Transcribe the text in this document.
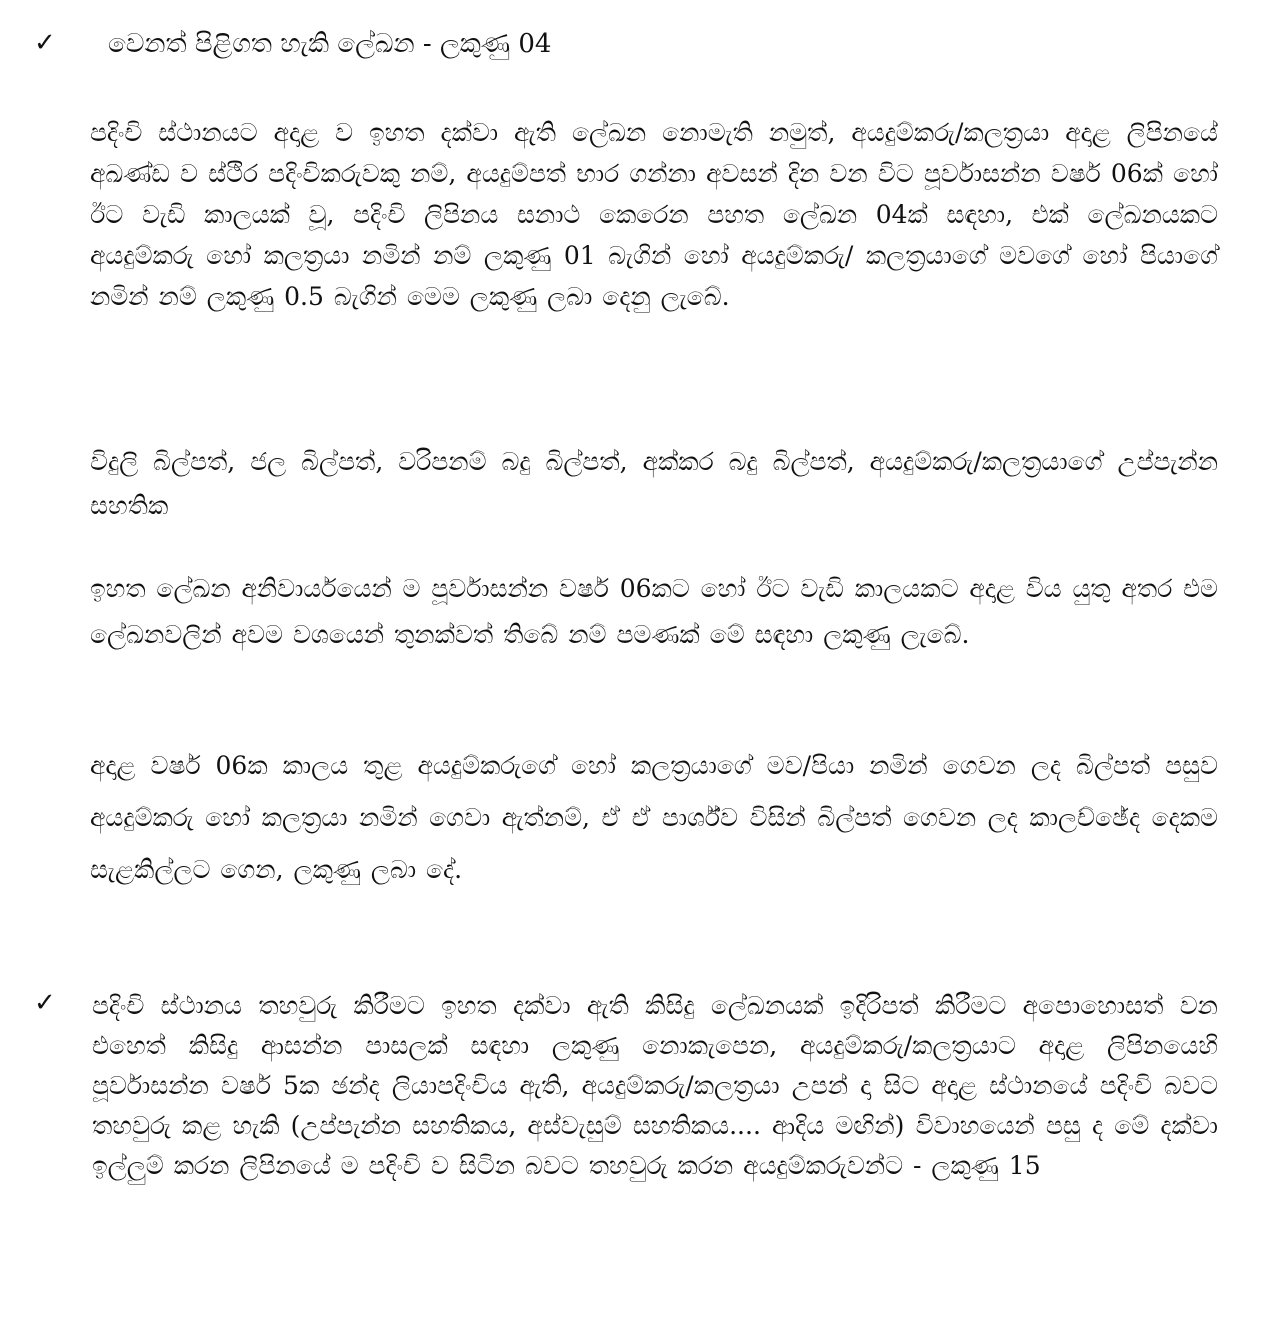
✓ වෙනත් පිළිගත හැකි ලේඛන - ලකුණු 04

පදිංචි ස්ථානයට අදාළ ව ඉහත දක්වා ඇති ලේඛන නොමැති නමුත්, අයදුම්කරු/කලත්‍රයා අදාළ ලිපිනයේ අඛණ්ඩ ව ස්ථිර පදිංචිකරුවකු නම්, අයදුම්පත් භාර ගන්නා අවසන් දින වන විට පූර්වාසන්න වර්ෂ 06ක් හෝ ඊට වැඩි කාලයක් වූ, පදිංචි ලිපිනය සනාථ කෙරෙන පහත ලේඛන 04ක් සඳහා, එක් ලේඛනයකට අයදුම්කරු හෝ කලත්‍රයා නමින් නම් ලකුණු 01 බැගින් හෝ අයදුම්කරු/ කලත්‍රයාගේ මවගේ හෝ පියාගේ නමින් නම් ලකුණු 0.5 බැගින් මෙම ලකුණු ලබා දෙනු ලැබේ.

විදුලි බිල්පත්, ජල බිල්පත්, වරිපනම් බදු බිල්පත්, අක්කර බදු බිල්පත්, අයදුම්කරු/කලත්‍රයාගේ උප්පැන්න සහතික

ඉහත ලේඛන අනිවාර්යයෙන් ම පූර්වාසන්න වර්ෂ 06කට හෝ ඊට වැඩි කාලයකට අදාළ විය යුතු අතර එම ලේඛනවලින් අවම වශයෙන් තුනක්වත් තිබේ නම් පමණක් මේ සඳහා ලකුණු ලැබේ.

අදාළ වර්ෂ 06ක කාලය තුළ අයදුම්කරුගේ හෝ කලත්‍රයාගේ මව/පියා නමින් ගෙවන ලද බිල්පත් පසුව අයදුම්කරු හෝ කලත්‍රයා නමින් ගෙවා ඇත්නම්, ඒ ඒ පාර්ශ්ව විසින් බිල්පත් ගෙවන ලද කාලච්ඡේද දෙකම සැළකිල්ලට ගෙන, ලකුණු ලබා දේ.

✓ පදිංචි ස්ථානය තහවුරු කිරීමට ඉහත දක්වා ඇති කිසිදු ලේඛනයක් ඉදිරිපත් කිරීමට අපොහොසත් වන එහෙත් කිසිදු ආසන්න පාසලක් සඳහා ලකුණු නොකැපෙන, අයදුම්කරු/කලත්‍රයාට අදාළ ලිපිනයෙහි පූර්වාසන්න වර්ෂ 5ක ඡන්ද ලියාපදිංචිය ඇති, අයදුම්කරු/කලත්‍රයා උපන් දා සිට අදාළ ස්ථානයේ පදිංචි බවට තහවුරු කළ හැකි (උප්පැන්න සහතිකය, අස්වැසුම් සහතිකය.... ආදිය මඟින්) විවාහයෙන් පසු ද මේ දක්වා ඉල්ලුම් කරන ලිපිනයේ ම පදිංචි ව සිටින බවට තහවුරු කරන අයදුම්කරුවන්ට - ලකුණු 15
